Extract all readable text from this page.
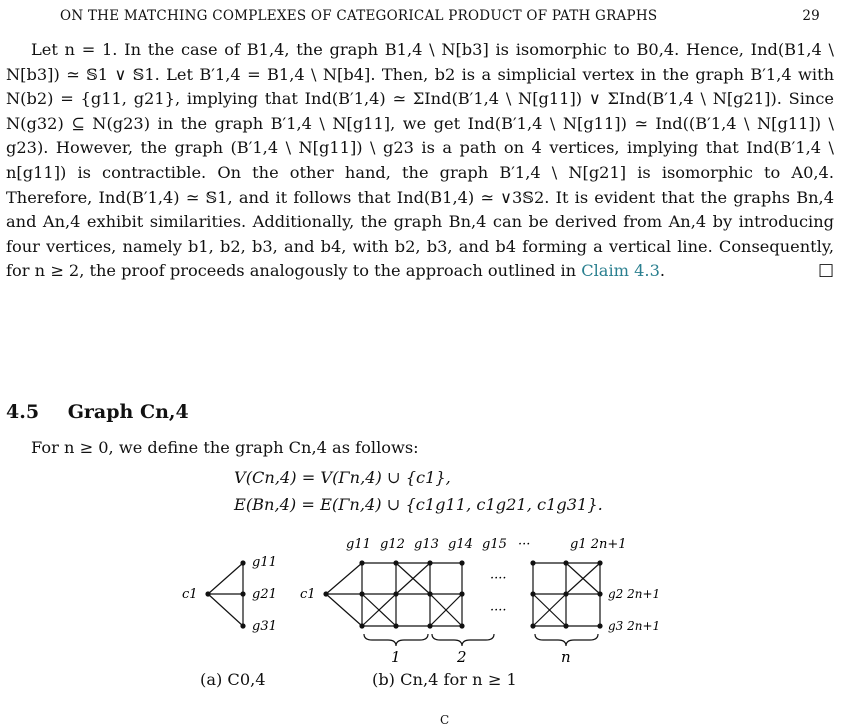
ON THE MATCHING COMPLEXES OF CATEGORICAL PRODUCT OF PATH GRAPHS	29

Let n = 1. In the case of B1,4, the graph B1,4 \ N[b3] is isomorphic to B0,4. Hence, Ind(B1,4 \ N[b3]) ≃ 𝕊1 ∨ 𝕊1. Let B′1,4 = B1,4 \ N[b4]. Then, b2 is a simplicial vertex in the graph B′1,4 with N(b2) = {g11, g21}, implying that Ind(B′1,4) ≃ ΣInd(B′1,4 \ N[g11]) ∨ ΣInd(B′1,4 \ N[g21]). Since N(g32) ⊆ N(g23) in the graph B′1,4 \ N[g11], we get Ind(B′1,4 \ N[g11]) ≃ Ind((B′1,4 \ N[g11]) \ g23). However, the graph (B′1,4 \ N[g11]) \ g23 is a path on 4 vertices, implying that Ind(B′1,4 \ n[g11]) is contractible. On the other hand, the graph B′1,4 \ N[g21] is isomorphic to A0,4. Therefore, Ind(B′1,4) ≃ 𝕊1, and it follows that Ind(B1,4) ≃ ∨3𝕊2. It is evident that the graphs Bn,4 and An,4 exhibit similarities. Additionally, the graph Bn,4 can be derived from An,4 by introducing four vertices, namely b1, b2, b3, and b4, with b2, b3, and b4 forming a vertical line. Consequently, for n ≥ 2, the proof proceeds analogously to the approach outlined in Claim 4.3.	□

4.5 Graph Cn,4
For n ≥ 0, we define the graph Cn,4 as follows:
V(Cn,4) = V(Γn,4) ∪ {c1},
E(Bn,4) = E(Γn,4) ∪ {c1g11, c1g21, c1g31}.
c1
g11
g21
g31
c1
g11 g12 g13 g14 g15 ···	g1 2n+1
····
····
g2 2n+1
g3 2n+1
1	2	n
(a) C0,4	(b) Cn,4 for n ≥ 1
C
